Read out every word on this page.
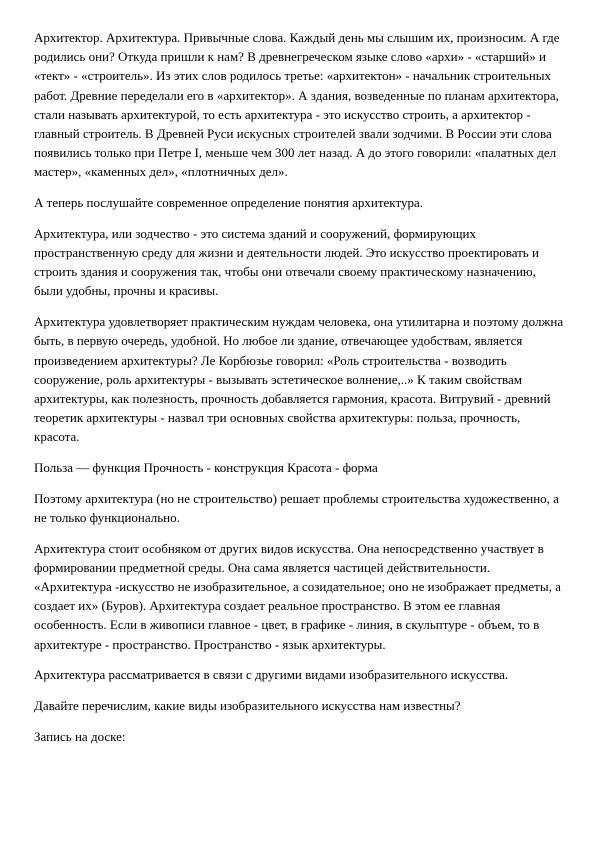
Архитектор. Архитектура. Привычные слова. Каждый день мы слышим их, произносим. А где родились они? Откуда пришли к нам? В древнегреческом языке слово «архи» - «старший» и «тект» - «строитель». Из этих слов родилось третье: «архитектон» - начальник строительных работ. Древние переделали его в «архитектор». А здания, возведенные по планам архитектора, стали называть архитектурой, то есть архитектура - это искусство строить, а архитектор - главный строитель. В Древней Руси искусных строителей звали зодчими. В России эти слова появились только при Петре I, меньше чем 300 лет назад. А до этого говорили: «палатных дел мастер», «каменных дел», «плотничных дел».

А теперь послушайте современное определение понятия архитектура.

Архитектура, или зодчество - это система зданий и сооружений, формирующих пространственную среду для жизни и деятельности людей. Это искусство проектировать и строить здания и сооружения так, чтобы они отвечали своему практическому назначению, были удобны, прочны и красивы.

Архитектура удовлетворяет практическим нуждам человека, она утилитарна и поэтому должна быть, в первую очередь, удобной. Но любое ли здание, отвечающее удобствам, является произведением архитектуры? Ле Корбюзье говорил: «Роль строительства - возводить сооружение, роль архитектуры - вызывать эстетическое волнение,..» К таким свойствам архитектуры, как полезность, прочность добавляется гармония, красота. Витрувий - древний теоретик архитектуры - назвал три основных свойства архитектуры: польза, прочность, красота.

Польза — функция Прочность - конструкция Красота - форма

Поэтому архитектура (но не строительство) решает проблемы строительства художественно, а не только функционально.

Архитектура стоит особняком от других видов искусства. Она непосредственно участвует в формировании предметной среды. Она сама является частицей действительности. «Архитектура -искусство не изобразительное, а созидательное; оно не изображает предметы, а создает их» (Буров). Архитектура создает реальное пространство. В этом ее главная особенность. Если в живописи главное - цвет, в графике - линия, в скульптуре - объем, то в архитектуре - пространство. Пространство - язык архитектуры.

Архитектура рассматривается в связи с другими видами изобразительного искусства.

Давайте перечислим, какие виды изобразительного искусства нам известны?

Запись на доске:
